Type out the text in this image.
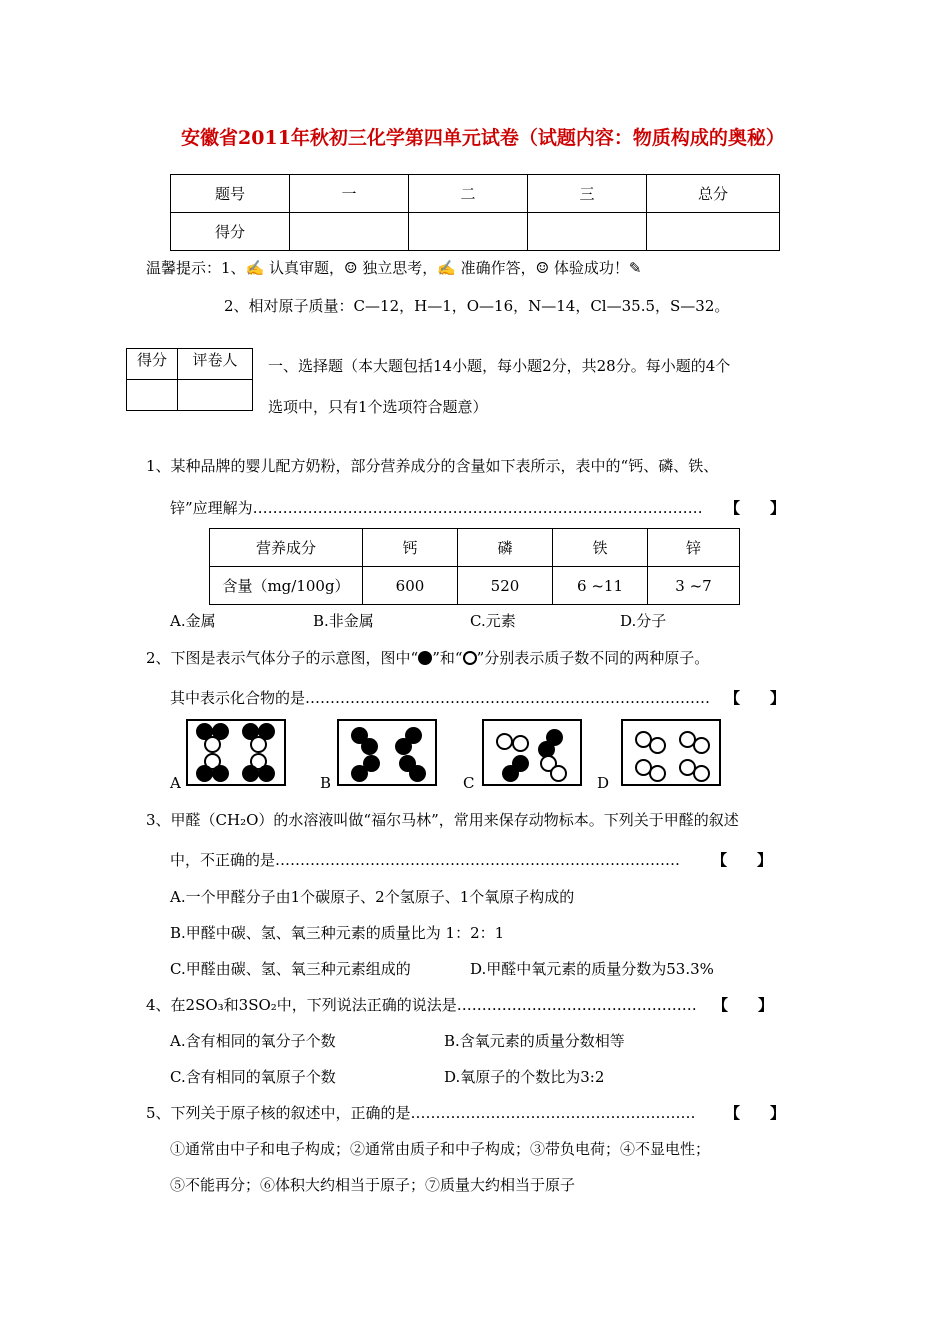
安徽省2011年秋初三化学第四单元试卷（试题内容：物质构成的奥秘）
题号	一	二	三	总分
得分				
温馨提示：1、✍ 认真审题，☺ 独立思考，✍ 准确作答，☺ 体验成功！✎
2、相对原子质量：C—12，H—1，O—16，N—14，Cl—35.5，S—32。
得分	评卷人
	一、选择题（本大题包括14小题，每小题2分，共28分。每小题的4个
选项中，只有1个选项符合题意）
1、某种品牌的婴儿配方奶粉，部分营养成分的含量如下表所示，表中的“钙、磷、铁、
锌”应理解为………………………………………………………………………………	【　　】
营养成分	钙	磷	铁	锌
含量（mg/100g）	600	520	6 ~11	3 ~7
A.金属	B.非金属	C.元素	D.分子
2、下图是表示气体分子的示意图，图中“ ”和“ ”分别表示质子数不同的两种原子。
其中表示化合物的是……………………………………………………………………… 【　　】
A	B	C	D
3、甲醛（CH₂O）的水溶液叫做“福尔马林”，常用来保存动物标本。下列关于甲醛的叙述
中，不正确的是………………………………………………………………………	【　　】
A.一个甲醛分子由1个碳原子、2个氢原子、1个氧原子构成的
B.甲醛中碳、氢、氧三种元素的质量比为 1：2：1
C.甲醛由碳、氢、氧三种元素组成的	D.甲醛中氧元素的质量分数为53.3%
4、在2SO₃和3SO₂中，下列说法正确的说法是…………………………………………	【　　】
A.含有相同的氧分子个数	B.含氧元素的质量分数相等
C.含有相同的氧原子个数	D.氧原子的个数比为3:2
5、下列关于原子核的叙述中，正确的是…………………………………………………	【　　】
①通常由中子和电子构成；②通常由质子和中子构成；③带负电荷；④不显电性；
⑤不能再分；⑥体积大约相当于原子；⑦质量大约相当于原子
